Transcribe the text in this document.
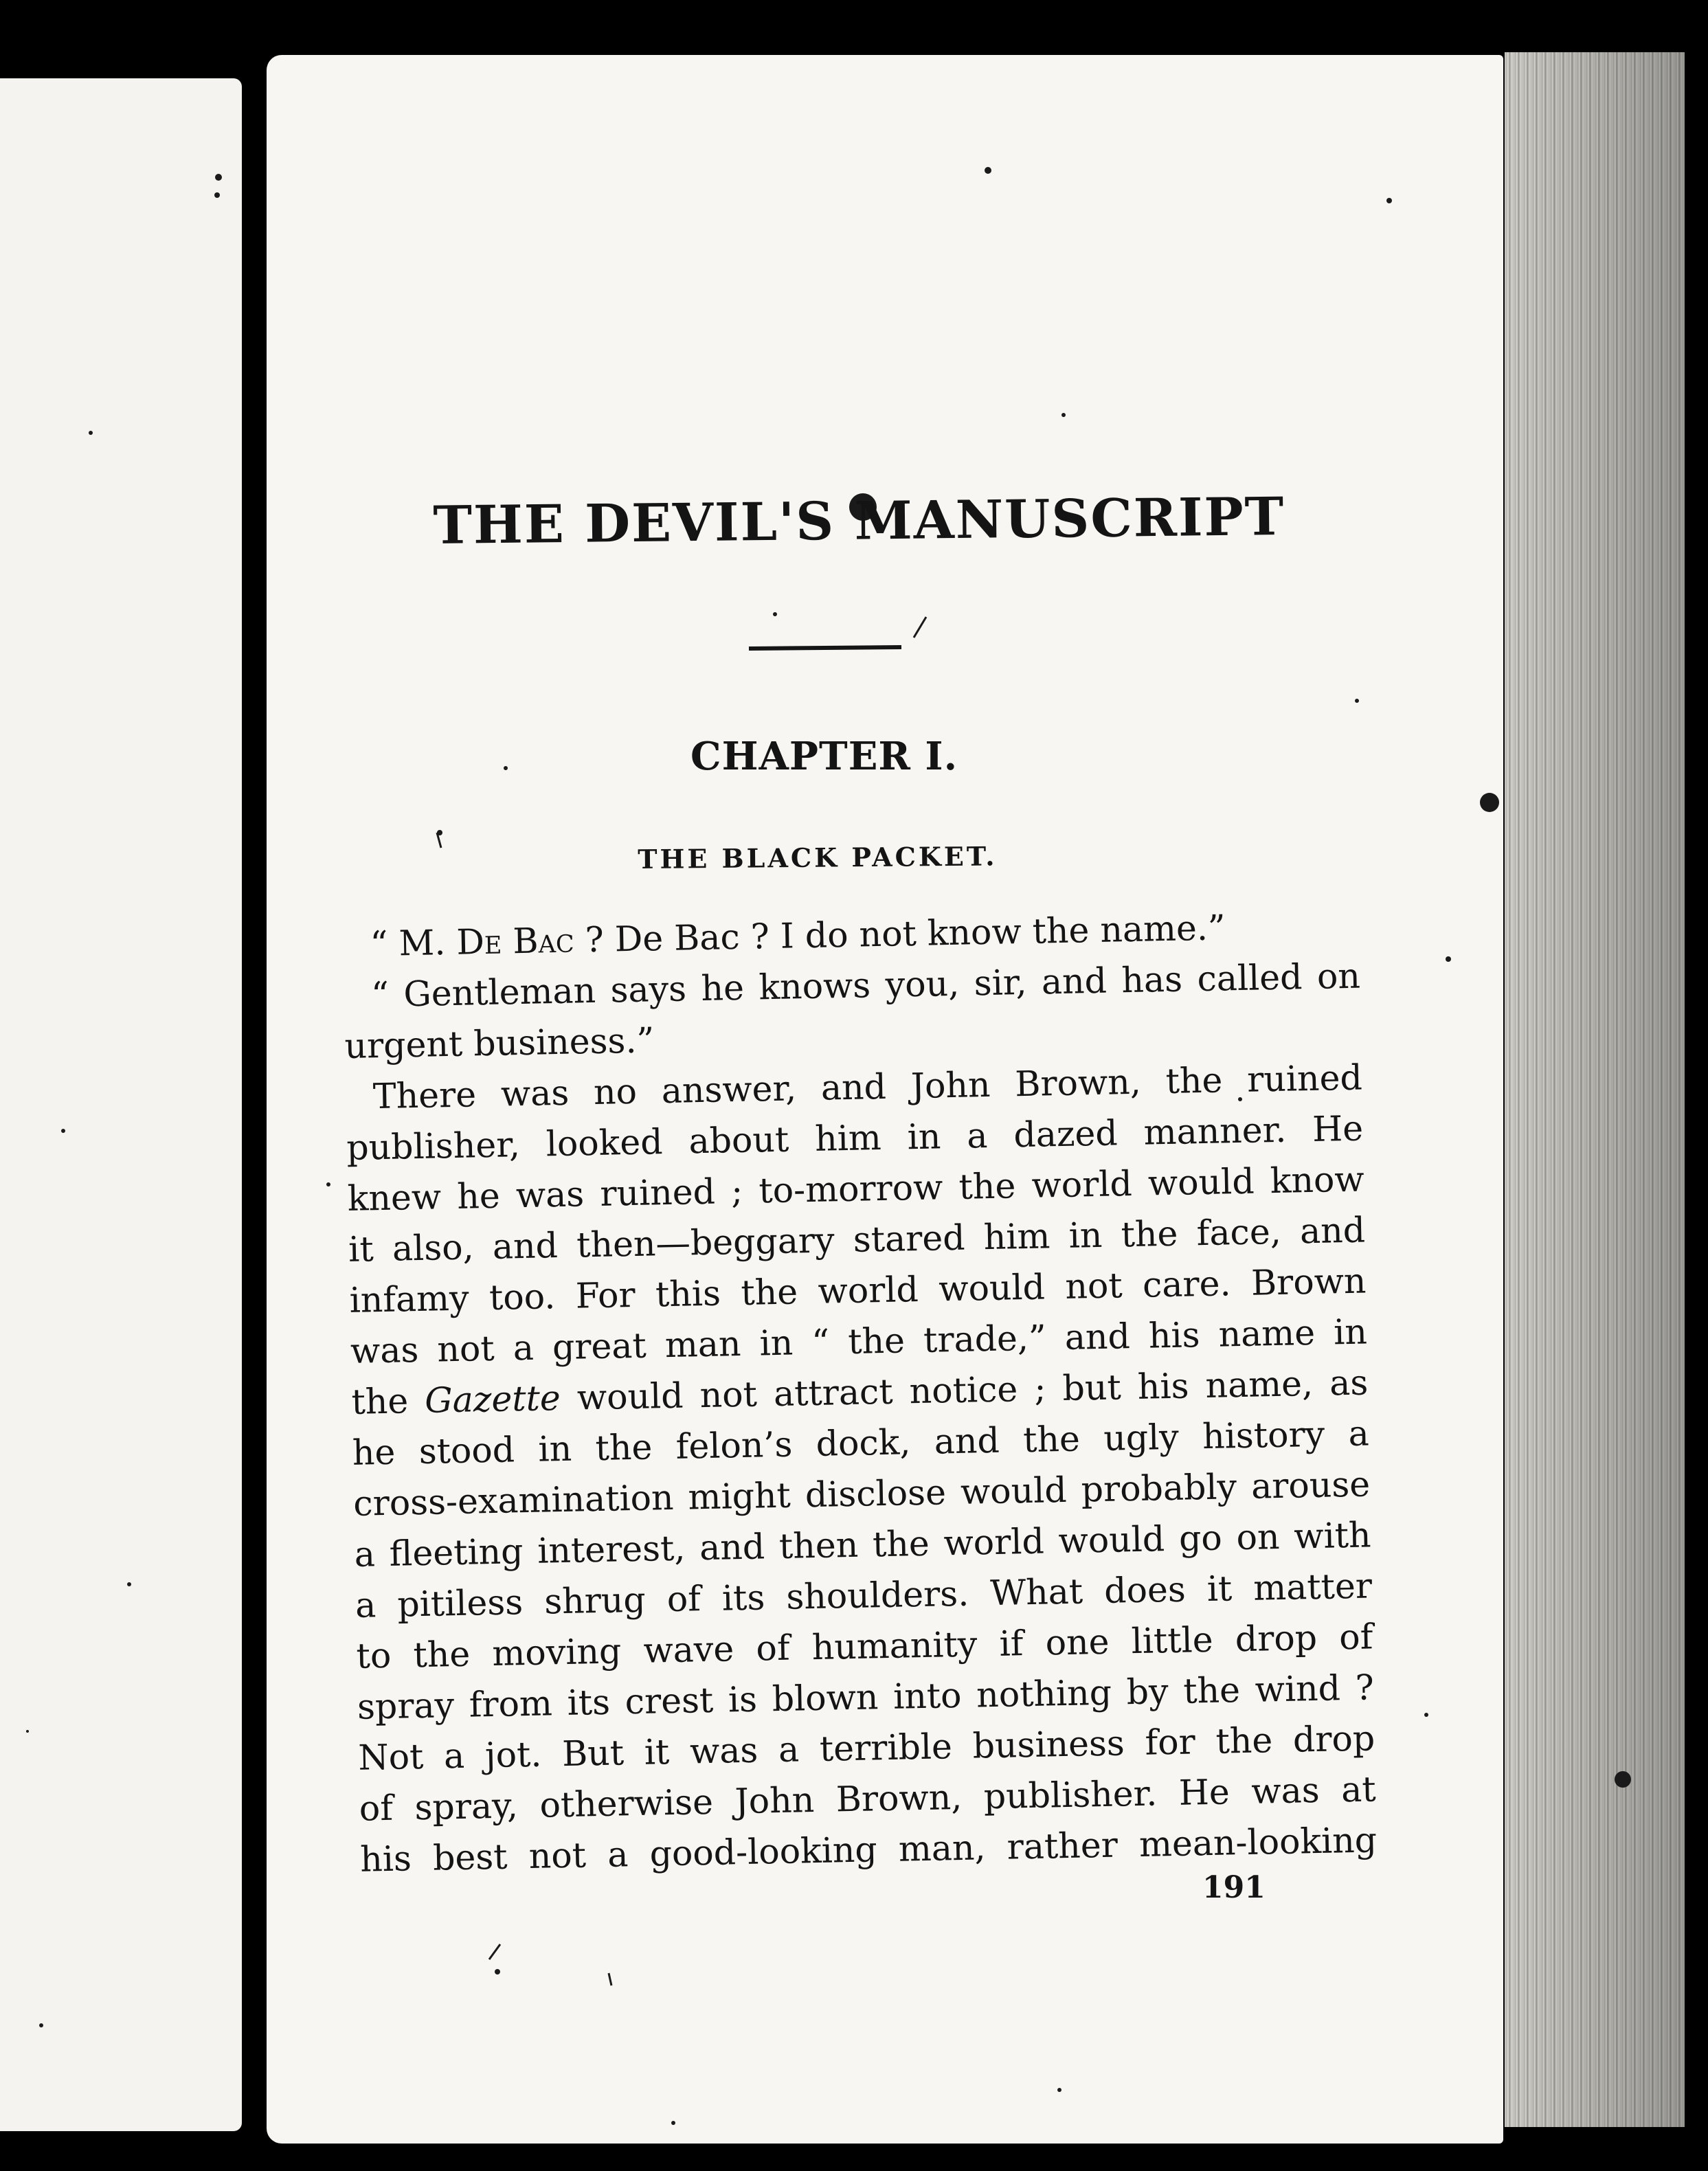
THE DEVIL'S MANUSCRIPT
CHAPTER I.
THE BLACK PACKET.
“ M. De Bac ? De Bac ? I do not know the name.”
“ Gentleman says he knows you, sir, and has called on
urgent business.”
There was no answer, and John Brown, the ruined
publisher, looked about him in a dazed manner. He
knew he was ruined ; to-morrow the world would know
it also, and then—beggary stared him in the face, and
infamy too. For this the world would not care. Brown
was not a great man in “ the trade,” and his name in
the Gazette would not attract notice ; but his name, as
he stood in the felon’s dock, and the ugly history a
cross-examination might disclose would probably arouse
a fleeting interest, and then the world would go on with
a pitiless shrug of its shoulders. What does it matter
to the moving wave of humanity if one little drop of
spray from its crest is blown into nothing by the wind ?
Not a jot. But it was a terrible business for the drop
of spray, otherwise John Brown, publisher. He was at
his best not a good-looking man, rather mean-looking
191
